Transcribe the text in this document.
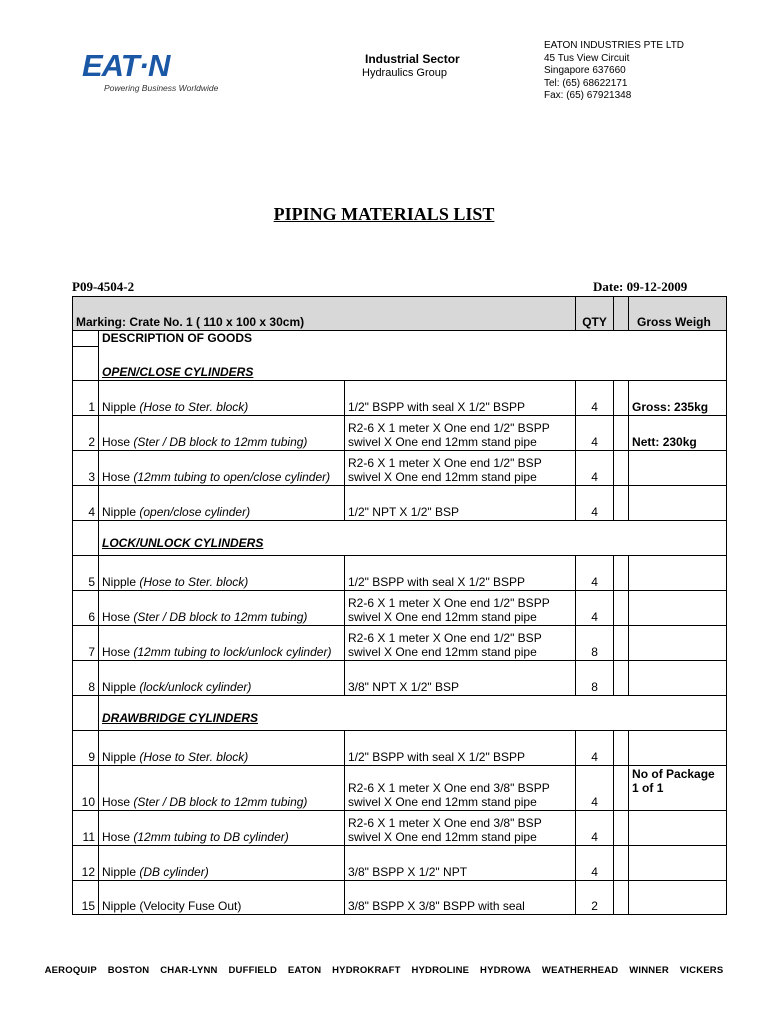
EAT·N
Powering Business Worldwide
Industrial Sector
Hydraulics Group
EATON INDUSTRIES PTE LTD
45 Tus View Circuit
Singapore 637660
Tel: (65) 68622171
Fax: (65) 67921348
PIPING MATERIALS LIST
P09-4504-2	Date: 09-12-2009
Marking: Crate No. 1 ( 110 x 100 x 30cm)			QTY		Gross Weigh
	DESCRIPTION OF GOODS				
	OPEN/CLOSE CYLINDERS				
1	Nipple (Hose to Ster. block)	1/2" BSPP with seal X 1/2" BSPP	4		Gross: 235kg
2	Hose (Ster / DB block to 12mm tubing)	R2-6 X 1 meter X One end 1/2" BSPP swivel X One end 12mm stand pipe	4		Nett: 230kg
3	Hose (12mm tubing to open/close cylinder)	R2-6 X 1 meter X One end 1/2" BSP swivel X One end 12mm stand pipe	4		
4	Nipple (open/close cylinder)	1/2" NPT X 1/2" BSP	4		
	LOCK/UNLOCK CYLINDERS				
5	Nipple (Hose to Ster. block)	1/2" BSPP with seal X 1/2" BSPP	4		
6	Hose (Ster / DB block to 12mm tubing)	R2-6 X 1 meter X One end 1/2" BSPP swivel X One end 12mm stand pipe	4		
7	Hose (12mm tubing to lock/unlock cylinder)	R2-6 X 1 meter X One end 1/2" BSP swivel X One end 12mm stand pipe	8		
8	Nipple (lock/unlock cylinder)	3/8" NPT X 1/2" BSP	8		
	DRAWBRIDGE CYLINDERS				
9	Nipple (Hose to Ster. block)	1/2" BSPP with seal X 1/2" BSPP	4		
10	Hose (Ster / DB block to 12mm tubing)	R2-6 X 1 meter X One end 3/8" BSPP swivel X One end 12mm stand pipe	4		No of Package 1 of 1
11	Hose (12mm tubing to DB cylinder)	R2-6 X 1 meter X One end 3/8" BSP swivel X One end 12mm stand pipe	4		
12	Nipple (DB cylinder)	3/8" BSPP X 1/2" NPT	4		
15	Nipple (Velocity Fuse Out)	3/8" BSPP X 3/8" BSPP with seal	2		
AEROQUIP BOSTON CHAR-LYNN DUFFIELD EATON HYDROKRAFT HYDROLINE HYDROWA WEATHERHEAD WINNER VICKERS
